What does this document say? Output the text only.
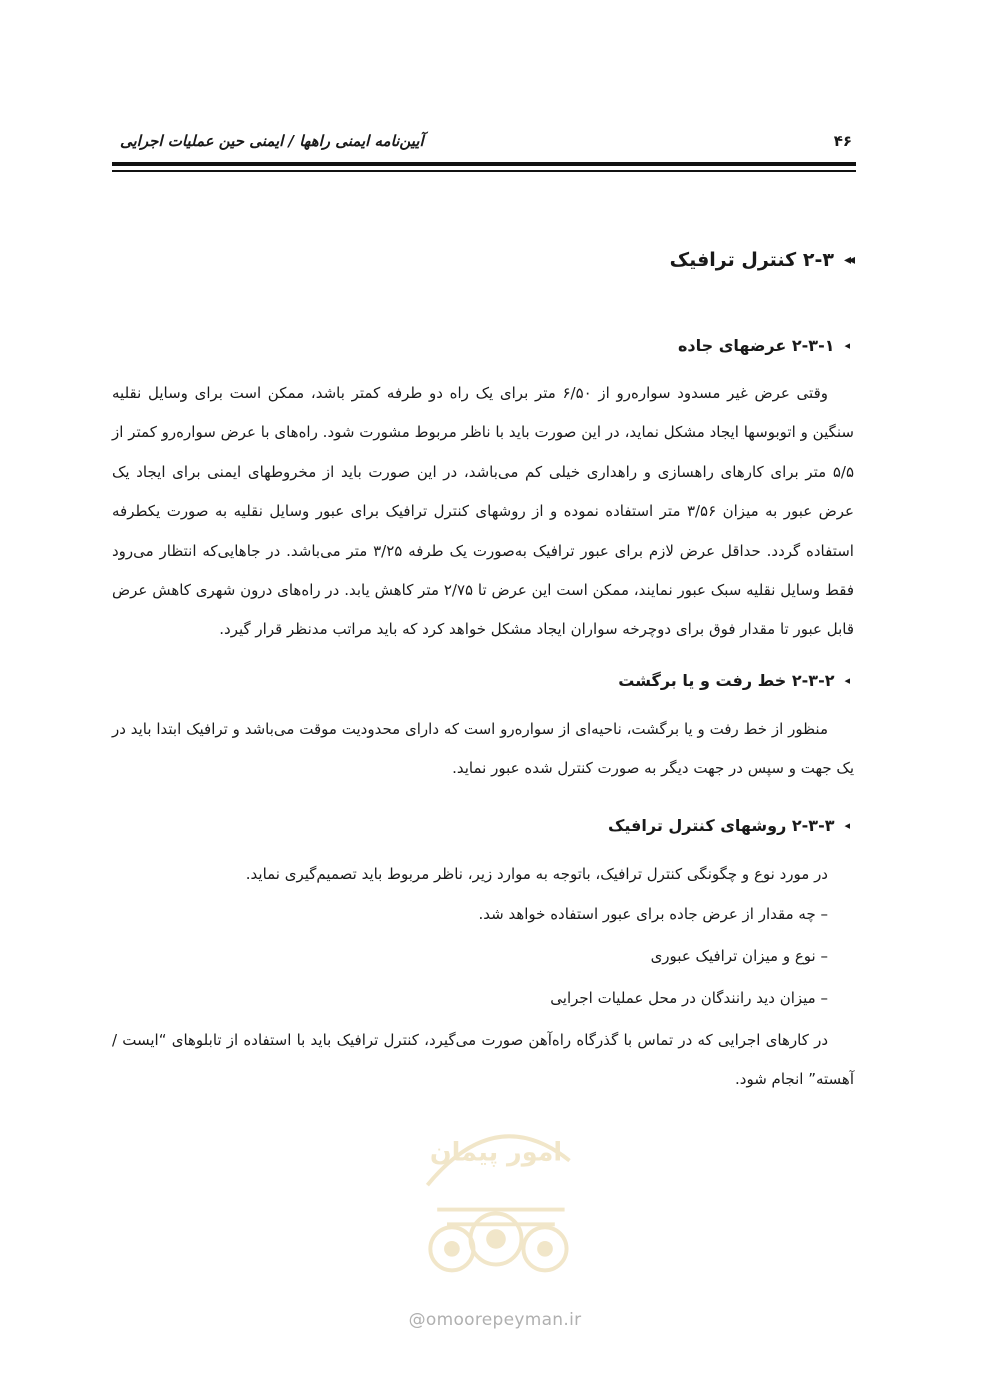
آیین‌نامه ایمنی راهها / ایمنی حین عملیات اجرایی	۴۶
◂◂
۲-۳ کنترل ترافیک
◂
۲-۳-۱ عرضهای جاده

وقتی عرض غیر مسدود سواره‌رو از ۶/۵۰ متر برای یک راه دو طرفه کمتر باشد، ممکن است برای وسایل نقلیه سنگین و اتوبوسها ایجاد مشکل نماید، در این صورت باید با ناظر مربوط مشورت شود. راه‌های با عرض سواره‌رو کمتر از ۵/۵ متر برای کارهای راهسازی و راهداری خیلی کم می‌باشد، در این صورت باید از مخروطهای ایمنی برای ایجاد یک عرض عبور به میزان ۳/۵۶ متر استفاده نموده و از روشهای کنترل ترافیک برای عبور وسایل نقلیه به صورت یکطرفه استفاده گردد. حداقل عرض لازم برای عبور ترافیک به‌صورت یک طرفه ۳/۲۵ متر می‌باشد. در جاهایی‌که انتظار می‌رود فقط وسایل نقلیه سبک عبور نمایند، ممکن است این عرض تا ۲/۷۵ متر کاهش یابد. در راه‌های درون شهری کاهش عرض قابل عبور تا مقدار فوق برای دوچرخه سواران ایجاد مشکل خواهد کرد که باید مراتب مدنظر قرار گیرد.

◂
۲-۳-۲ خط رفت و یا برگشت

منظور از خط رفت و یا برگشت، ناحیه‌ای از سواره‌رو است که دارای محدودیت موقت می‌باشد و ترافیک ابتدا باید در یک جهت و سپس در جهت دیگر به صورت کنترل شده عبور نماید.

◂
۲-۳-۳ روشهای کنترل ترافیک

در مورد نوع و چگونگی کنترل ترافیک، باتوجه به موارد زیر، ناظر مربوط باید تصمیم‌گیری نماید.

– چه مقدار از عرض جاده برای عبور استفاده خواهد شد.

– نوع و میزان ترافیک عبوری

– میزان دید رانندگان در محل عملیات اجرایی

در کارهای اجرایی که در تماس با گذرگاه راه‌آهن صورت می‌گیرد، کنترل ترافیک باید با استفاده از تابلوهای “ایست / آهسته” انجام شود.

امور پیمان
@omoorepeyman.ir
